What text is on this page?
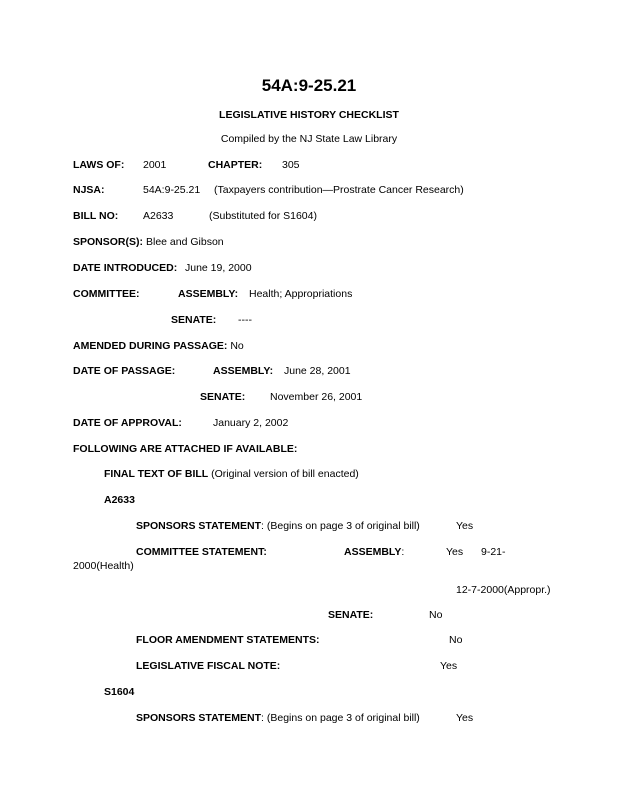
54A:9-25.21
LEGISLATIVE HISTORY CHECKLIST
Compiled by the NJ State Law Library
LAWS OF: 2001	CHAPTER: 305
NJSA:	54A:9-25.21 (Taxpayers contribution—Prostrate Cancer Research)
BILL NO: A2633	(Substituted for S1604)
SPONSOR(S): Blee and Gibson
DATE INTRODUCED: June 19, 2000
COMMITTEE:	ASSEMBLY: Health; Appropriations
SENATE: ----
AMENDED DURING PASSAGE: No
DATE OF PASSAGE:	ASSEMBLY: June 28, 2001
SENATE: November 26, 2001
DATE OF APPROVAL:	January 2, 2002
FOLLOWING ARE ATTACHED IF AVAILABLE:
FINAL TEXT OF BILL (Original version of bill enacted)
A2633
SPONSORS STATEMENT: (Begins on page 3 of original bill)	Yes
COMMITTEE STATEMENT:	ASSEMBLY:	Yes 9-21-
2000(Health)
12-7-2000(Appropr.)
SENATE:	No
FLOOR AMENDMENT STATEMENTS:	No
LEGISLATIVE FISCAL NOTE:	Yes
S1604
SPONSORS STATEMENT: (Begins on page 3 of original bill)	Yes
